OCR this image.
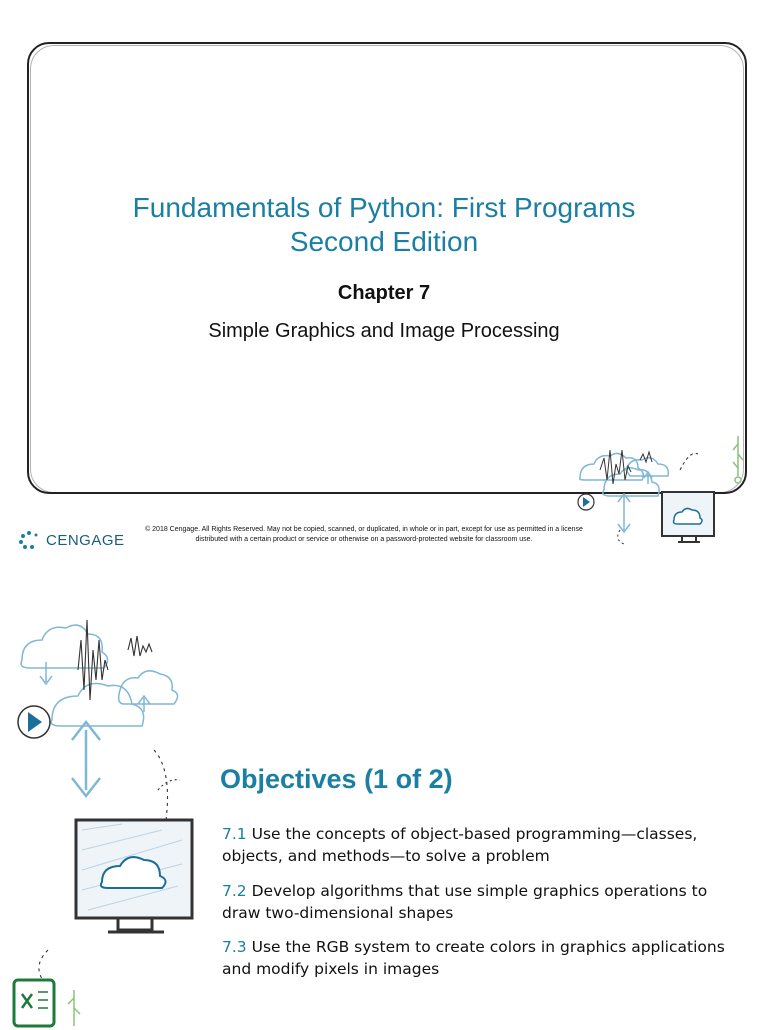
Fundamentals of Python: First Programs
Second Edition
Chapter 7
Simple Graphics and Image Processing
CENGAGE
© 2018 Cengage. All Rights Reserved. May not be copied, scanned, or duplicated, in whole or in part, except for use as permitted in a license distributed with a certain product or service or otherwise on a password-protected website for classroom use.
Objectives (1 of 2)
7.1 Use the concepts of object-based programming—classes, objects, and methods—to solve a problem
7.2 Develop algorithms that use simple graphics operations to draw two-dimensional shapes
7.3 Use the RGB system to create colors in graphics applications and modify pixels in images
